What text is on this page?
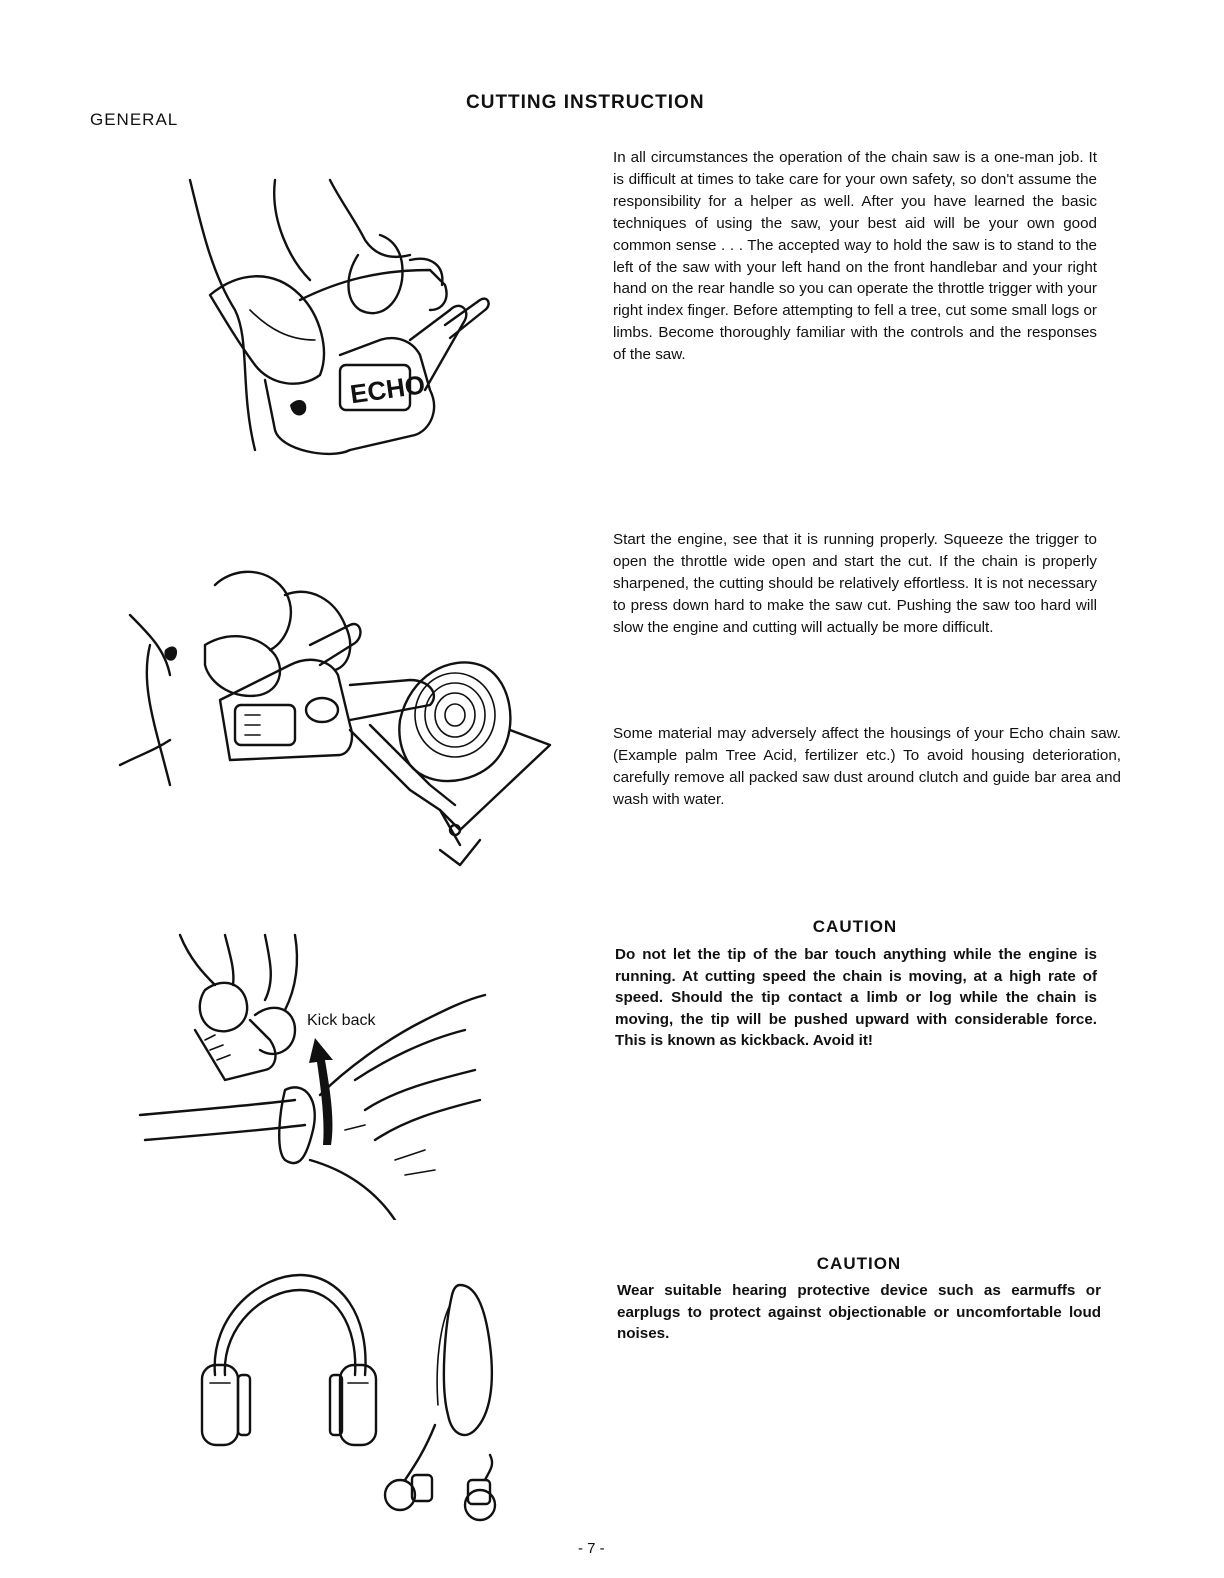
CUTTING INSTRUCTION
GENERAL
In all circumstances the operation of the chain saw is a one-man job. It is difficult at times to take care for your own safety, so don't assume the responsibility for a helper as well. After you have learned the basic techniques of using the saw, your best aid will be your own good common sense . . . The accepted way to hold the saw is to stand to the left of the saw with your left hand on the front handlebar and your right hand on the rear handle so you can operate the throttle trigger with your right index finger. Before attempting to fell a tree, cut some small logs or limbs. Become thoroughly familiar with the controls and the responses of the saw.
Start the engine, see that it is running properly. Squeeze the trigger to open the throttle wide open and start the cut. If the chain is properly sharpened, the cutting should be relatively effortless. It is not necessary to press down hard to make the saw cut. Pushing the saw too hard will slow the engine and cutting will actually be more difficult.
Some material may adversely affect the housings of your Echo chain saw. (Example palm Tree Acid, fertilizer etc.) To avoid housing deterioration, carefully remove all packed saw dust around clutch and guide bar area and wash with water.
CAUTION
Do not let the tip of the bar touch anything while the engine is running. At cutting speed the chain is moving, at a high rate of speed. Should the tip contact a limb or log while the chain is moving, the tip will be pushed upward with considerable force. This is known as kickback. Avoid it!
CAUTION
Wear suitable hearing protective device such as earmuffs or earplugs to protect against objectionable or uncomfortable loud noises.
- 7 -
ECHO
Kick back
